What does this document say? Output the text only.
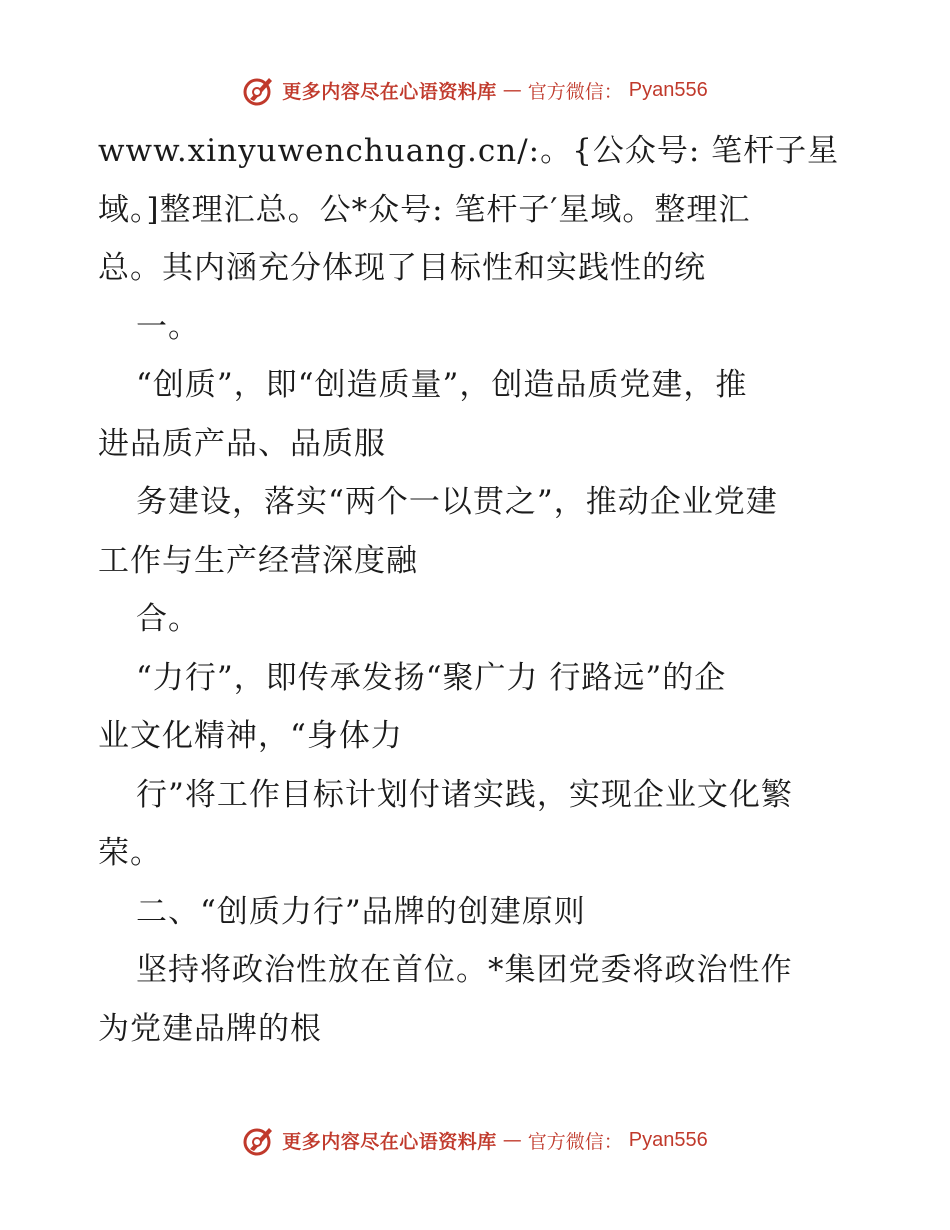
更多内容尽在心语资料库 — 官方微信： Pyan556
www.xinyuwenchuang.cn/:。{公众号: 笔杆子星
域。]整理汇总。公*众号: 笔杆子′星域。整理汇
总。其内涵充分体现了目标性和实践性的统
一。
“创质”，即“创造质量”，创造品质党建，推
进品质产品、品质服
务建设，落实“两个一以贯之”，推动企业党建
工作与生产经营深度融
合。
“力行”，即传承发扬“聚广力 行路远”的企
业文化精神，“身体力
行”将工作目标计划付诸实践，实现企业文化繁
荣。
二、“创质力行”品牌的创建原则
坚持将政治性放在首位。*集团党委将政治性作
为党建品牌的根
更多内容尽在心语资料库 — 官方微信： Pyan556
